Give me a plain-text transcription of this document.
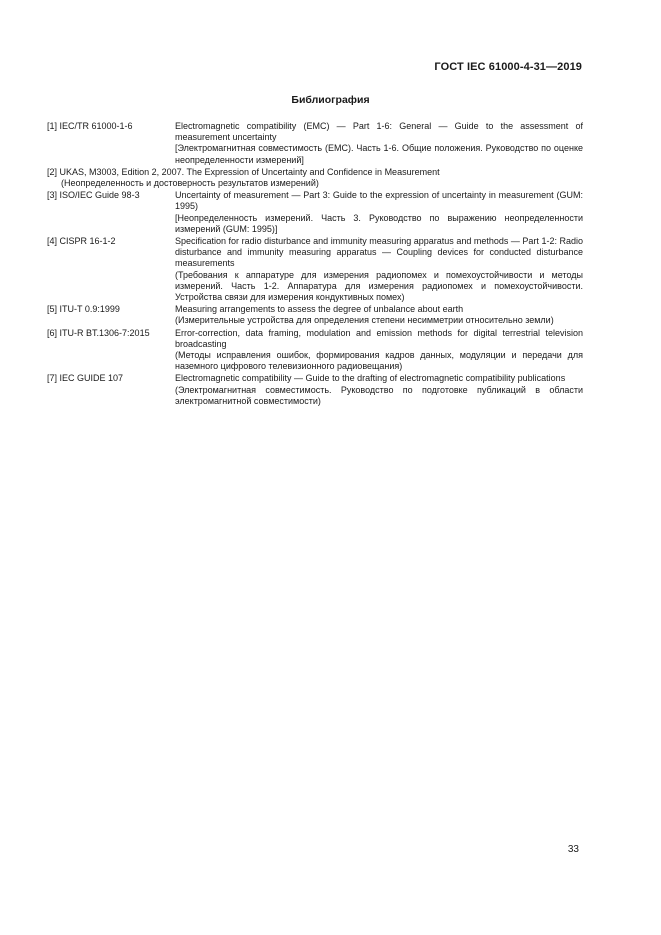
ГОСТ IEC 61000-4-31—2019
Библиография
[1] IEC/TR 61000-1-6	Electromagnetic compatibility (EMC) — Part 1-6: General — Guide to the assessment of measurement uncertainty

[Электромагнитная совместимость (EMC). Часть 1-6. Общие положения. Руководство по оценке неопределенности измерений]

[2] UKAS, M3003, Edition 2, 2007. The Expression of Uncertainty and Confidence in Measurement

(Неопределенность и достоверность результатов измерений)

[3] ISO/IEC Guide 98-3	Uncertainty of measurement — Part 3: Guide to the expression of uncertainty in measurement (GUM: 1995)

[Неопределенность измерений. Часть 3. Руководство по выражению неопределенности измерений (GUM: 1995)]

[4] CISPR 16-1-2	Specification for radio disturbance and immunity measuring apparatus and methods — Part 1-2: Radio disturbance and immunity measuring apparatus — Coupling devices for conducted disturbance measurements

(Требования к аппаратуре для измерения радиопомех и помехоустойчивости и методы измерений. Часть 1-2. Аппаратура для измерения радиопомех и помехоустойчивости. Устройства связи для измерения кондуктивных помех)

[5] ITU-T 0.9:1999	Measuring arrangements to assess the degree of unbalance about earth

(Измерительные устройства для определения степени несимметрии относительно земли)

[6] ITU-R BT.1306-7:2015	Error-correction, data framing, modulation and emission methods for digital terrestrial television broadcasting

(Методы исправления ошибок, формирования кадров данных, модуляции и передачи для наземного цифрового телевизионного радиовещания)

[7] IEC GUIDE 107	Electromagnetic compatibility — Guide to the drafting of electromagnetic compatibility publications

(Электромагнитная совместимость. Руководство по подготовке публикаций в области электромагнитной совместимости)

33
